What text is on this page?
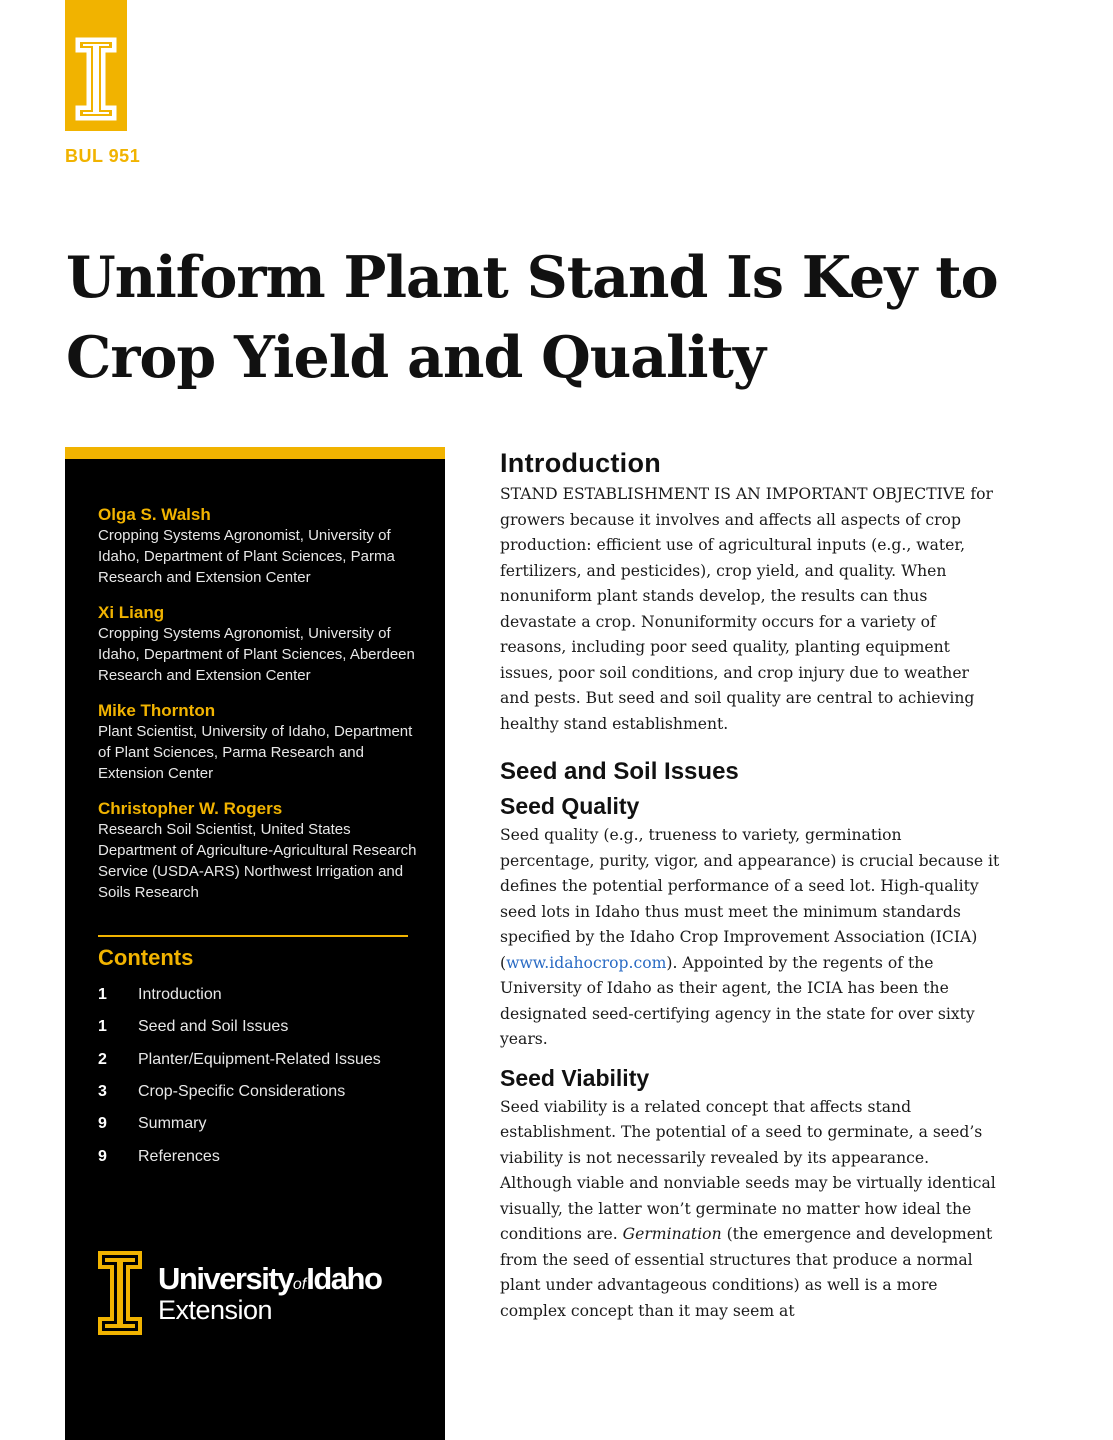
BUL 951
Uniform Plant Stand Is Key to Crop Yield and Quality
Olga S. Walsh
Cropping Systems Agronomist, University of Idaho, Department of Plant Sciences, Parma Research and Extension Center
Xi Liang
Cropping Systems Agronomist, University of Idaho, Department of Plant Sciences, Aberdeen Research and Extension Center
Mike Thornton
Plant Scientist, University of Idaho, Department of Plant Sciences, Parma Research and Extension Center
Christopher W. Rogers
Research Soil Scientist, United States Department of Agriculture-Agricultural Research Service (USDA-ARS) Northwest Irrigation and Soils Research
Contents
1	Introduction
1	Seed and Soil Issues
2	Planter/Equipment-Related Issues
3	Crop-Specific Considerations
9	Summary
9	References
UniversityofIdaho
Extension
Introduction

STAND ESTABLISHMENT IS AN IMPORTANT OBJECTIVE for growers because it involves and affects all aspects of crop production: efficient use of agricultural inputs (e.g., water, fertilizers, and pesticides), crop yield, and quality. When nonuniform plant stands develop, the results can thus devastate a crop. Nonuniformity occurs for a variety of reasons, including poor seed quality, planting equipment issues, poor soil conditions, and crop injury due to weather and pests. But seed and soil quality are central to achieving healthy stand establishment.

Seed and Soil Issues
Seed Quality

Seed quality (e.g., trueness to variety, germination percentage, purity, vigor, and appearance) is crucial because it defines the potential performance of a seed lot. High-quality seed lots in Idaho thus must meet the minimum standards specified by the Idaho Crop Improvement Association (ICIA) (www.idahocrop.com). Appointed by the regents of the University of Idaho as their agent, the ICIA has been the designated seed-certifying agency in the state for over sixty years.

Seed Viability

Seed viability is a related concept that affects stand establishment. The potential of a seed to germinate, a seed’s viability is not necessarily revealed by its appearance. Although viable and nonviable seeds may be virtually identical visually, the latter won’t germinate no matter how ideal the conditions are. Germination (the emergence and development from the seed of essential structures that produce a normal plant under advantageous conditions) as well is a more complex concept than it may seem at
